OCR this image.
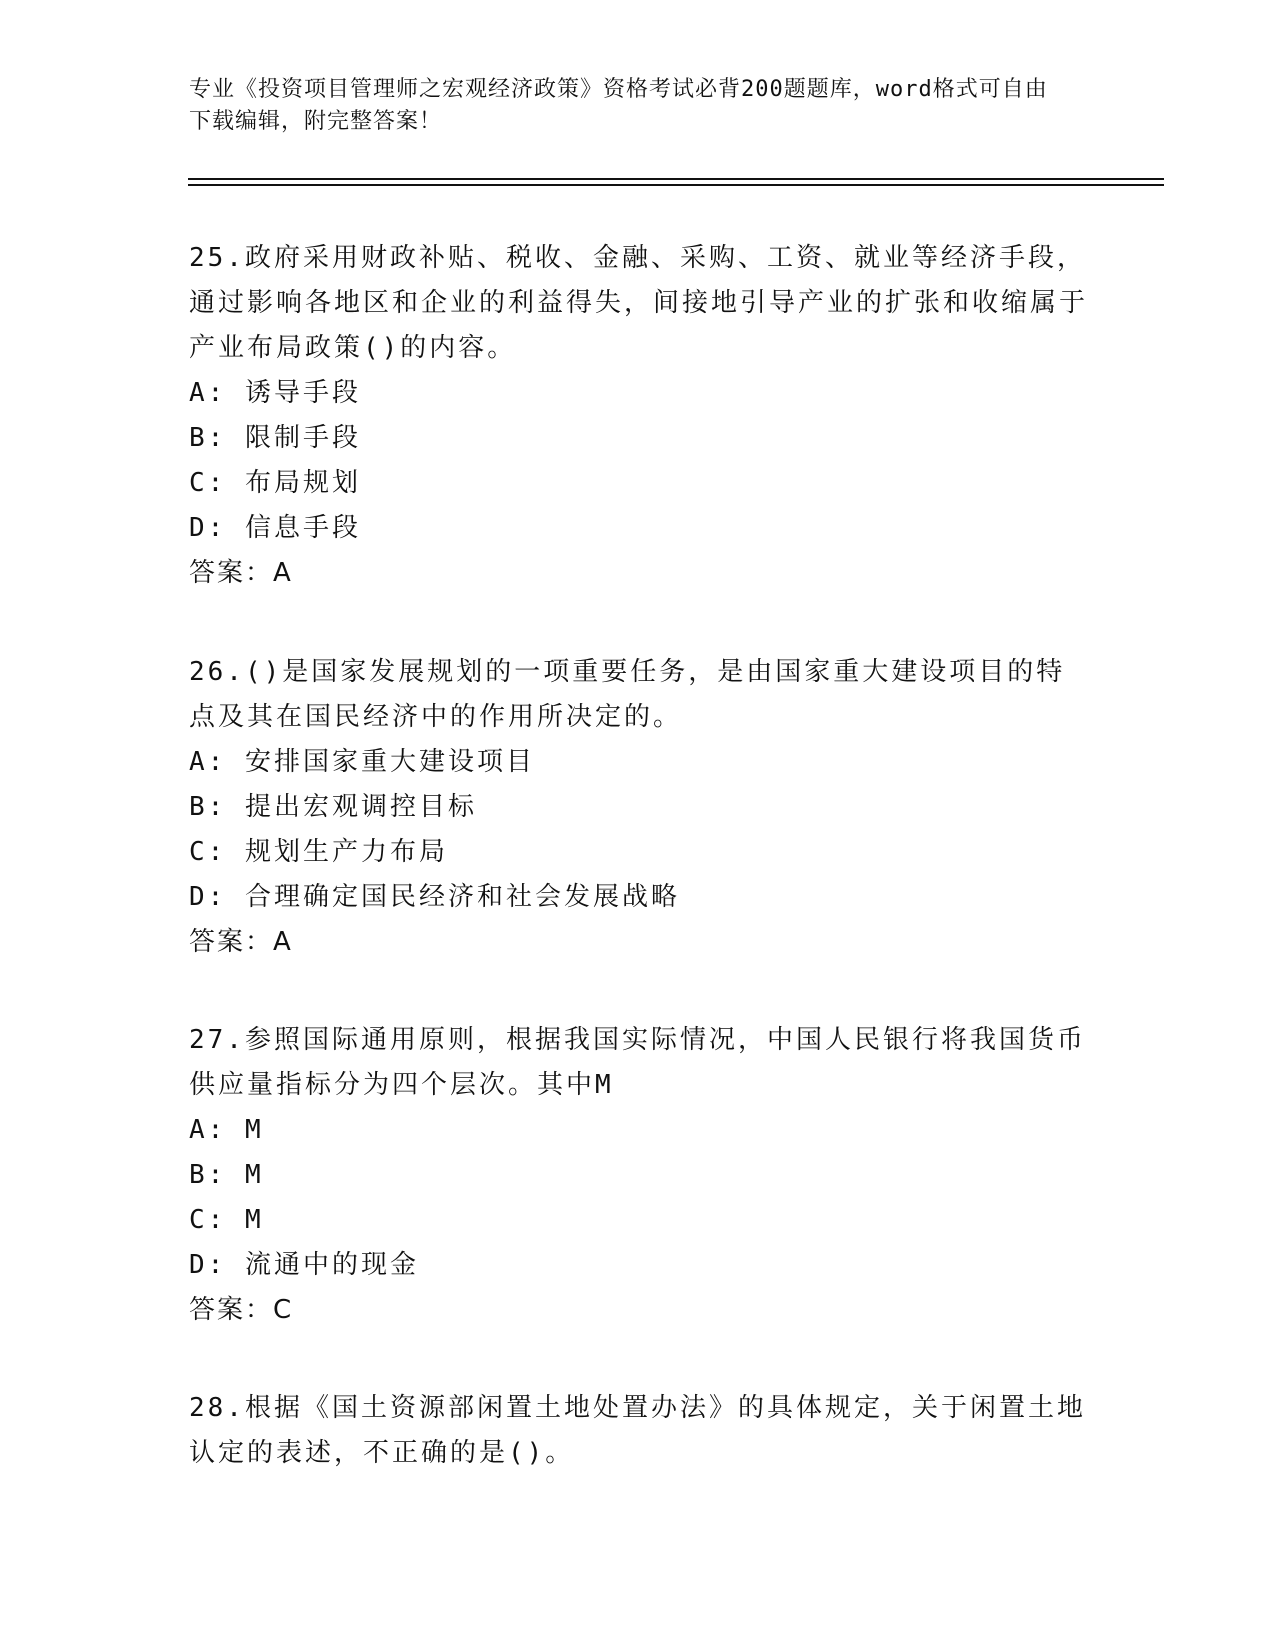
专业《投资项目管理师之宏观经济政策》资格考试必背200题题库，word格式可自由下载编辑，附完整答案！
25.政府采用财政补贴、税收、金融、采购、工资、就业等经济手段，通过影响各地区和企业的利益得失，间接地引导产业的扩张和收缩属于产业布局政策()的内容。
A: 诱导手段
B: 限制手段
C: 布局规划
D: 信息手段
答案：A
26.()是国家发展规划的一项重要任务，是由国家重大建设项目的特点及其在国民经济中的作用所决定的。
A: 安排国家重大建设项目
B: 提出宏观调控目标
C: 规划生产力布局
D: 合理确定国民经济和社会发展战略
答案：A
27.参照国际通用原则，根据我国实际情况，中国人民银行将我国货币供应量指标分为四个层次。其中M
A: M
B: M
C: M
D: 流通中的现金
答案：C
28.根据《国土资源部闲置土地处置办法》的具体规定，关于闲置土地认定的表述，不正确的是()。
